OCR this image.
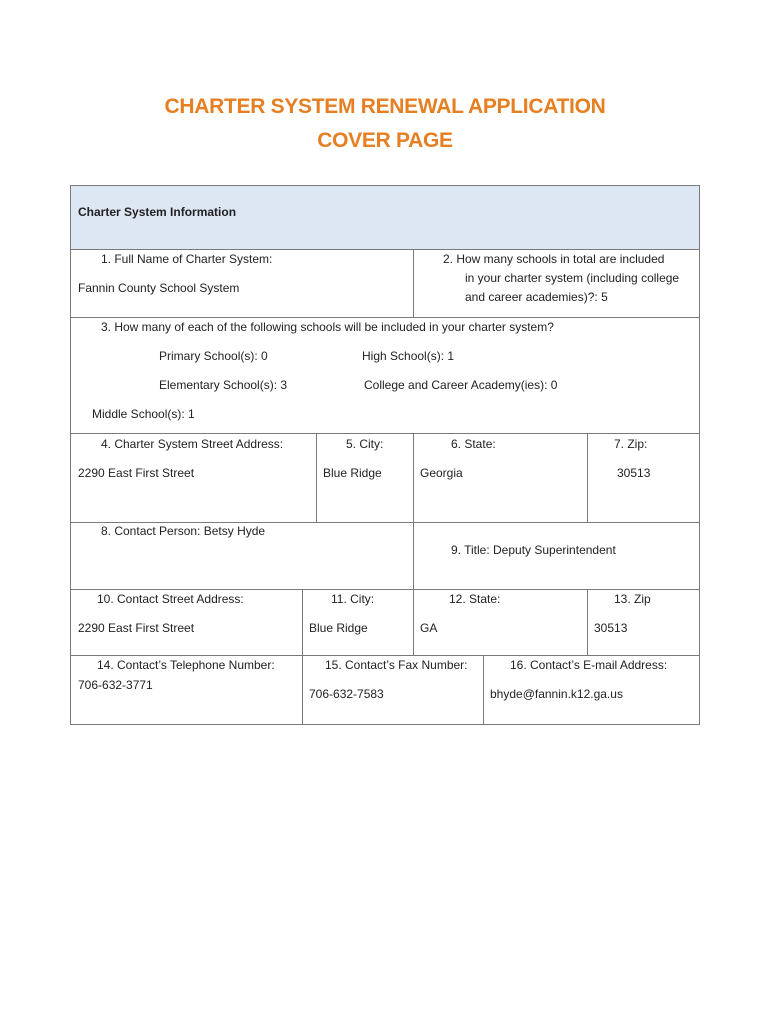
CHARTER SYSTEM RENEWAL APPLICATION
COVER PAGE
Charter System Information
1. Full Name of Charter System:
Fannin County School System
2. How many schools in total are included
in your charter system (including college
and career academies)?: 5
3. How many of each of the following schools will be included in your charter system?
Primary School(s): 0	High School(s): 1
Elementary School(s): 3	College and Career Academy(ies): 0
Middle School(s): 1
4. Charter System Street Address:
2290 East First Street
5. City:
Blue Ridge
6. State:
Georgia
7. Zip:
30513
8. Contact Person: Betsy Hyde
9. Title: Deputy Superintendent
10. Contact Street Address:
2290 East First Street
11. City:
Blue Ridge
12. State:
GA
13. Zip
30513
14. Contact’s Telephone Number:
706-632-3771
15. Contact’s Fax Number:
706-632-7583
16. Contact’s E-mail Address:
bhyde@fannin.k12.ga.us
